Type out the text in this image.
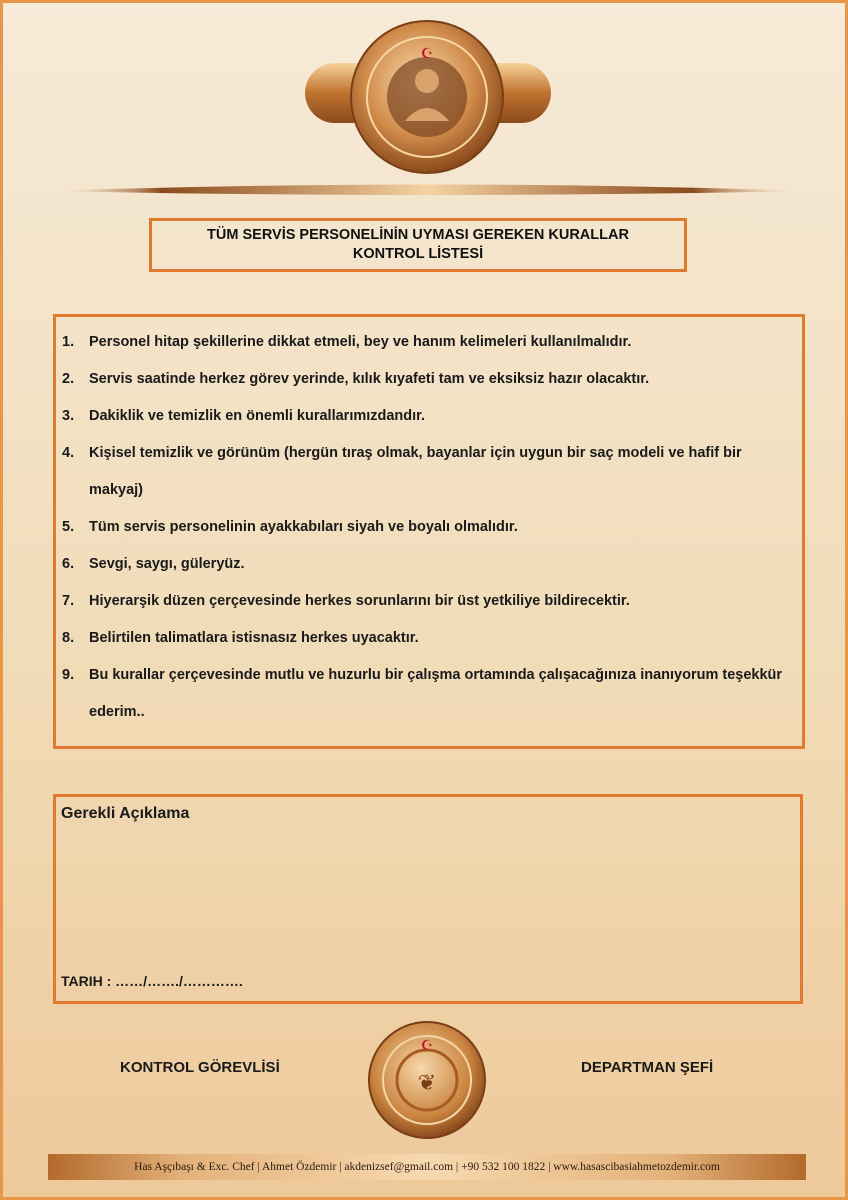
☪
TÜM SERVİS PERSONELİNİN UYMASI GEREKEN KURALLAR
KONTROL LİSTESİ
1.	Personel hitap şekillerine dikkat etmeli, bey ve hanım kelimeleri kullanılmalıdır.
2.	Servis saatinde herkez görev yerinde, kılık kıyafeti tam ve eksiksiz hazır olacaktır.
3.	Dakiklik ve temizlik en önemli kurallarımızdandır.
4.	Kişisel temizlik ve görünüm (hergün tıraş olmak, bayanlar için uygun bir saç modeli ve hafif bir makyaj)
5.	Tüm servis personelinin ayakkabıları siyah ve boyalı olmalıdır.
6.	Sevgi, saygı, güleryüz.
7.	Hiyerarşik düzen çerçevesinde herkes sorunlarını bir üst yetkiliye bildirecektir.
8.	Belirtilen talimatlara istisnasız herkes uyacaktır.
9.	Bu kurallar çerçevesinde mutlu ve huzurlu bir çalışma ortamında çalışacağınıza inanıyorum teşekkür ederim..
Gerekli Açıklama
TARIH : ……/……./………….
KONTROL GÖREVLİSİ	DEPARTMAN ŞEFİ
☪
❦
Has Aşçıbaşı & Exc. Chef | Ahmet Özdemir | akdenizsef@gmail.com | +90 532 100 1822 | www.hasascibasiahmetozdemir.com
